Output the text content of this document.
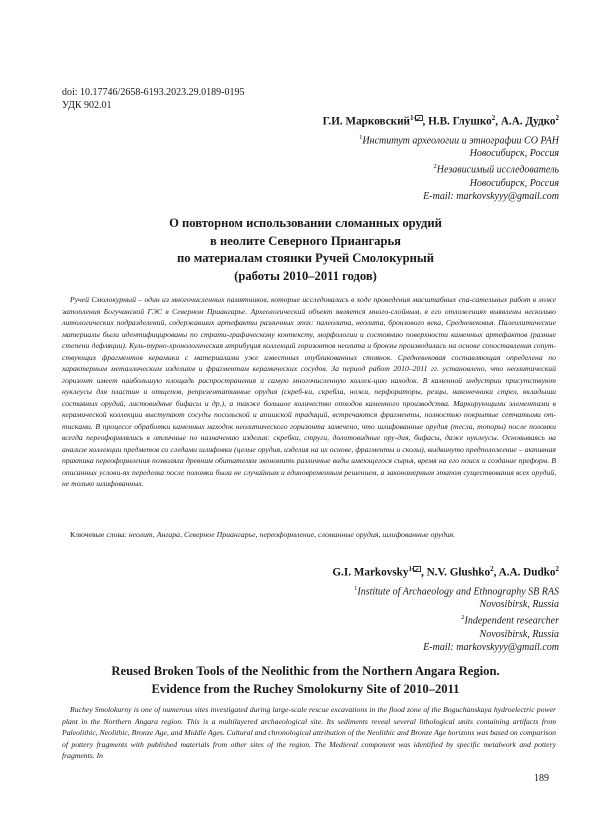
doi: 10.17746/2658-6193.2023.29.0189-0195
УДК 902.01
Г.И. Марковский$^1$ , Н.В. Глушко$^2$, А.А. Дудко$^2$
$^1$Институт археологии и этнографии СО РАН
Новосибирск, Россия
$^2$Независимый исследователь
Новосибирск, Россия
E-mail: markovskyyy@gmail.com
О повторном использовании сломанных орудий
в неолите Северного Приангарья
по материалам стоянки Ручей Смолокурный
(работы 2010–2011 годов)
Ручей Смолокурный – один из многочисленных памятников, которые исследовались в ходе проведения масштабных спа-сательных работ в ложе затопления Богучанской ГЭС в Северном Приангарье. Археологический объект является много-слойным, в его отложениях выявлены несколько литологических подразделений, содержавших артефакты различных эпох: палеолита, неолита, бронзового века, Средневековья. Палеолитические материалы были идентифицированы по страти-графическому контексту, морфологии и состоянию поверхности каменных артефактов (разные степени дефляции). Куль-турно-хронологическая атрибуция коллекций горизонтов неолита и бронзы производилась на основе сопоставления сопут-ствующих фрагментов керамики с материалами уже известных опубликованных стоянок. Средневековая составляющая определена по характерным металлическим изделиям и фрагментам керамических сосудов. За период работ 2010–2011 гг. установлено, что неолитический горизонт имеет наибольшую площадь распространения и самую многочисленную коллек-цию находок. В каменной индустрии присутствуют нуклеусы для пластин и отщепов, репрезентативные орудия (скреб-ки, скребла, ножи, перфораторы, резцы, наконечники стрел, вкладыши составных орудий, листовидные бифасы и др.), а также большое количество отходов каменного производства. Маркирующими элементами в керамической коллекции выступают сосуды посольской и апишской традиций, встречаются фрагменты, полностью покрытые сетчатыми от-тисками. В процессе обработки каменных находок неолитического горизонта замечено, что шлифованные орудия (тесла, топоры) после поломки всегда переоформлялись в отличные по назначению изделия: скребки, струги, долотовидные ору-дия, бифасы, даже нуклеусы. Основываясь на анализе коллекции предметов со следами шлифовки (целые орудия, изделия на их основе, фрагменты и сколы), выдвинуто предположение – активная практика переоформления позволяла древним обитателям экономить различные виды имеющегося сырья, время на его поиск и создание преформ. В описанных услови-ях переделка после поломки была не случайным и единовременным решением, а закономерным этапом существования всех орудий, не только шлифованных.
Ключевые слова: неолит, Ангара, Северное Приангарье, переоформление, сломанные орудия, шлифованные орудия.
G.I. Markovsky$^1$ , N.V. Glushko$^2$, A.A. Dudko$^2$
$^1$Institute of Archaeology and Ethnography SB RAS
Novosibirsk, Russia
$^2$Independent researcher
Novosibirsk, Russia
E-mail: markovskyyy@gmail.com
Reused Broken Tools of the Neolithic from the Northern Angara Region.
Evidence from the Ruchey Smolokurny Site of 2010–2011
Ruchey Smolokurny is one of numerous sites investigated during large-scale rescue excavations in the flood zone of the Boguchanskaya hydroelectric power plant in the Northern Angara region. This is a multilayered archaeological site. Its sediments reveal several lithological units containing artifacts from Paleolithic, Neolithic, Bronze Age, and Middle Ages. Cultural and chronological attribution of the Neolithic and Bronze Age horizons was based on comparison of pottery fragments with published materials from other sites of the region. The Medieval component was identified by specific metalwork and pottery fragments. In
189
